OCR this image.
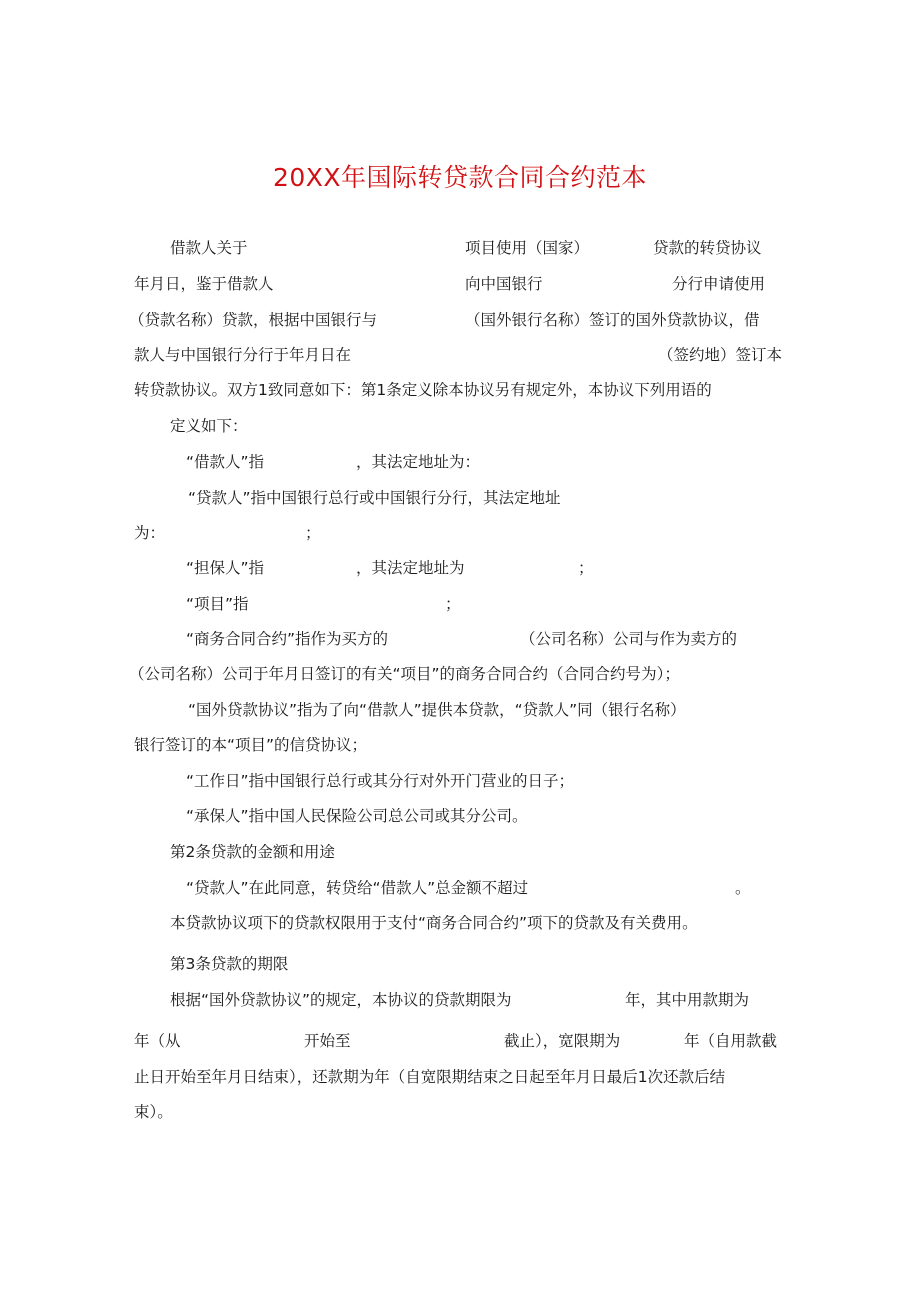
20XX年国际转贷款合同合约范本
借款人关于	项目使用（国家）	贷款的转贷协议
年月日，鉴于借款人	向中国银行	分行申请使用
（贷款名称）贷款，根据中国银行与	（国外银行名称）签订的国外贷款协议，借
款人与中国银行分行于年月日在	（签约地）签订本
转贷款协议。双方1致同意如下：第1条定义除本协议另有规定外，本协议下列用语的
定义如下：
“借款人”指	，其法定地址为：
“贷款人”指中国银行总行或中国银行分行，其法定地址
为：	；
“担保人”指	，其法定地址为	；
“项目”指	；
“商务合同合约”指作为买方的	（公司名称）公司与作为卖方的
（公司名称）公司于年月日签订的有关“项目”的商务合同合约（合同合约号为）；
“国外贷款协议”指为了向“借款人”提供本贷款，“贷款人”同（银行名称）
银行签订的本“项目”的信贷协议；
“工作日”指中国银行总行或其分行对外开门营业的日子；
“承保人”指中国人民保险公司总公司或其分公司。
第2条贷款的金额和用途
“贷款人”在此同意，转贷给“借款人”总金额不超过	。
本贷款协议项下的贷款权限用于支付“商务合同合约”项下的贷款及有关费用。
第3条贷款的期限
根据“国外贷款协议”的规定，本协议的贷款期限为	年，其中用款期为
年（从	开始至	截止），宽限期为	年（自用款截
止日开始至年月日结束），还款期为年（自宽限期结束之日起至年月日最后1次还款后结
束）。
